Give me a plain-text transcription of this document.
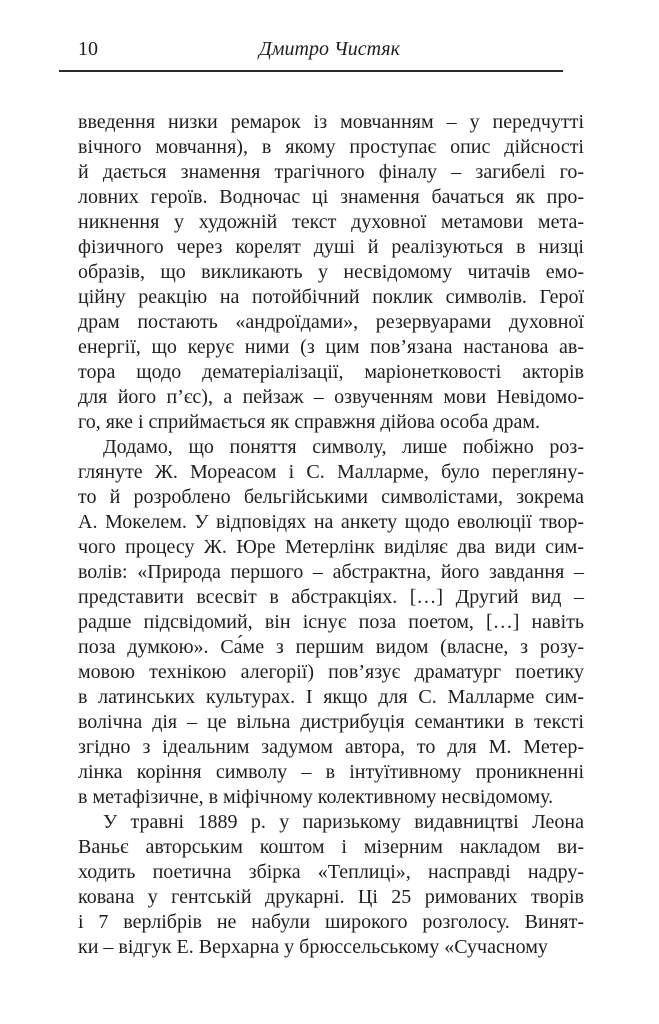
10	Дмитро Чистяк
введення низки ремарок із мовчанням – у передчутті
вічного мовчання), в якому проступає опис дійсності
й дається знамення трагічного фіналу – загибелі го-
ловних героїв. Водночас ці знамення бачаться як про-
никнення у художній текст духовної метамови мета-
фізичного через корелят душі й реалізуються в низці
образів, що викликають у несвідомому читачів емо-
ційну реакцію на потойбічний поклик символів. Герої
драм постають «андроїдами», резервуарами духовної
енергії, що керує ними (з цим пов’язана настанова ав-
тора щодо дематеріалізації, маріонетковості акторів
для його п’єс), а пейзаж – озвученням мови Невідомо-
го, яке і сприймається як справжня дійова особа драм.
Додамо, що поняття символу, лише побіжно роз-
глянуте Ж. Мореасом і С. Малларме, було перегляну-
то й розроблено бельгійськими символістами, зокрема
А. Мокелем. У відповідях на анкету щодо еволюції твор-
чого процесу Ж. Юре Метерлінк виділяє два види сим-
волів: «Природа першого – абстрактна, його завдання –
представити всесвіт в абстракціях. […] Другий вид –
радше підсвідомий, він існує поза поетом, […] навіть
поза думкою». Са́ме з першим видом (власне, з розу-
мовою технікою алегорії) пов’язує драматург поетику
в латинських культурах. І якщо для С. Малларме сим-
волічна дія – це вільна дистрибуція семантики в тексті
згідно з ідеальним задумом автора, то для М. Метер-
лінка коріння символу – в інтуїтивному проникненні
в метафізичне, в міфічному колективному несвідомому.
У травні 1889 р. у паризькому видавництві Леона
Ваньє авторським коштом і мізерним накладом ви-
ходить поетична збірка «Теплиці», насправді надру-
кована у гентській друкарні. Ці 25 римованих творів
і 7 верлібрів не набули широкого розголосу. Винят-
ки – відгук Е. Верхарна у брюссельському «Сучасному
